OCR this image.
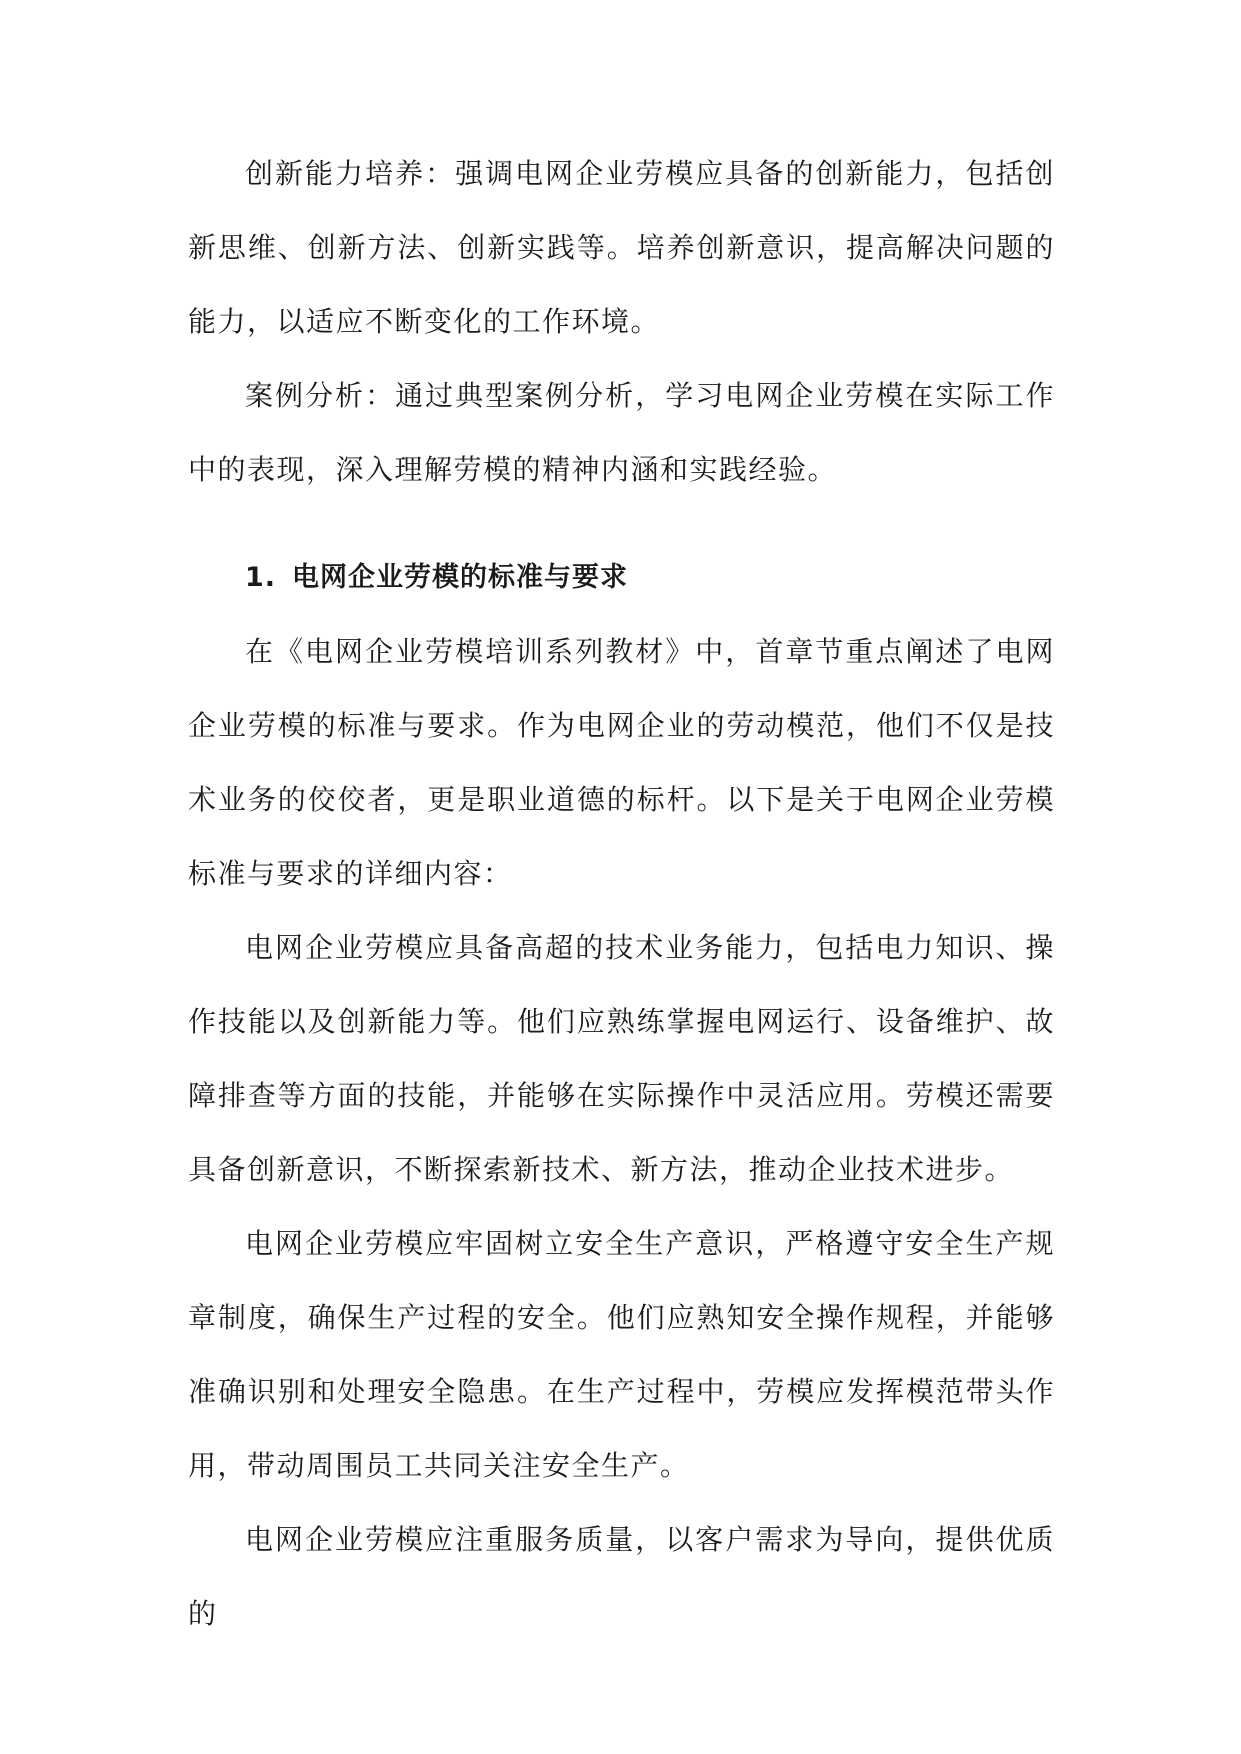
创新能力培养：强调电网企业劳模应具备的创新能力，包括创新思维、创新方法、创新实践等。培养创新意识，提高解决问题的能力，以适应不断变化的工作环境。

案例分析：通过典型案例分析，学习电网企业劳模在实际工作中的表现，深入理解劳模的精神内涵和实践经验。

1. 电网企业劳模的标准与要求

在《电网企业劳模培训系列教材》中，首章节重点阐述了电网企业劳模的标准与要求。作为电网企业的劳动模范，他们不仅是技术业务的佼佼者，更是职业道德的标杆。以下是关于电网企业劳模标准与要求的详细内容：

电网企业劳模应具备高超的技术业务能力，包括电力知识、操作技能以及创新能力等。他们应熟练掌握电网运行、设备维护、故障排查等方面的技能，并能够在实际操作中灵活应用。劳模还需要具备创新意识，不断探索新技术、新方法，推动企业技术进步。

电网企业劳模应牢固树立安全生产意识，严格遵守安全生产规章制度，确保生产过程的安全。他们应熟知安全操作规程，并能够准确识别和处理安全隐患。在生产过程中，劳模应发挥模范带头作用，带动周围员工共同关注安全生产。

电网企业劳模应注重服务质量，以客户需求为导向，提供优质的
